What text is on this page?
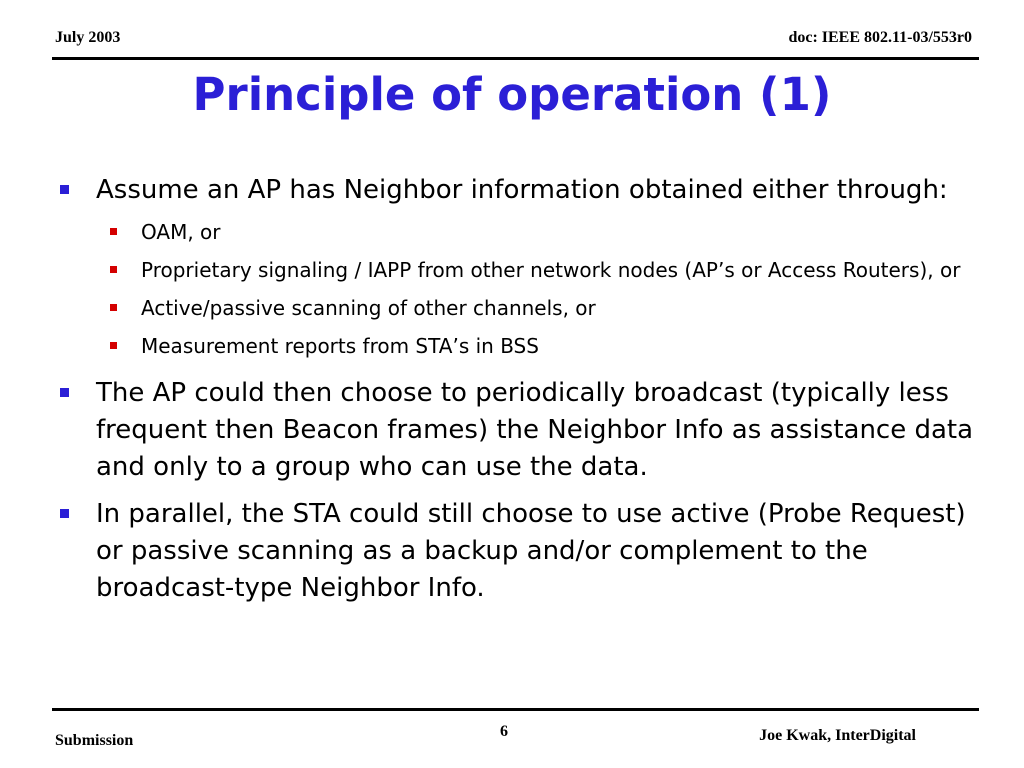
July 2003	doc: IEEE 802.11-03/553r0
Principle of operation (1)
Assume an AP has Neighbor information obtained either through:
OAM, or
Proprietary signaling / IAPP from other network nodes (AP’s or Access Routers), or
Active/passive scanning of other channels, or
Measurement reports from STA’s in BSS
The AP could then choose to periodically broadcast (typically less frequent then Beacon frames) the Neighbor Info as assistance data and only to a group who can use the data.
In parallel, the STA could still choose to use active (Probe Request) or passive scanning as a backup and/or complement to the broadcast-type Neighbor Info.
Submission
6	Joe Kwak, InterDigital
